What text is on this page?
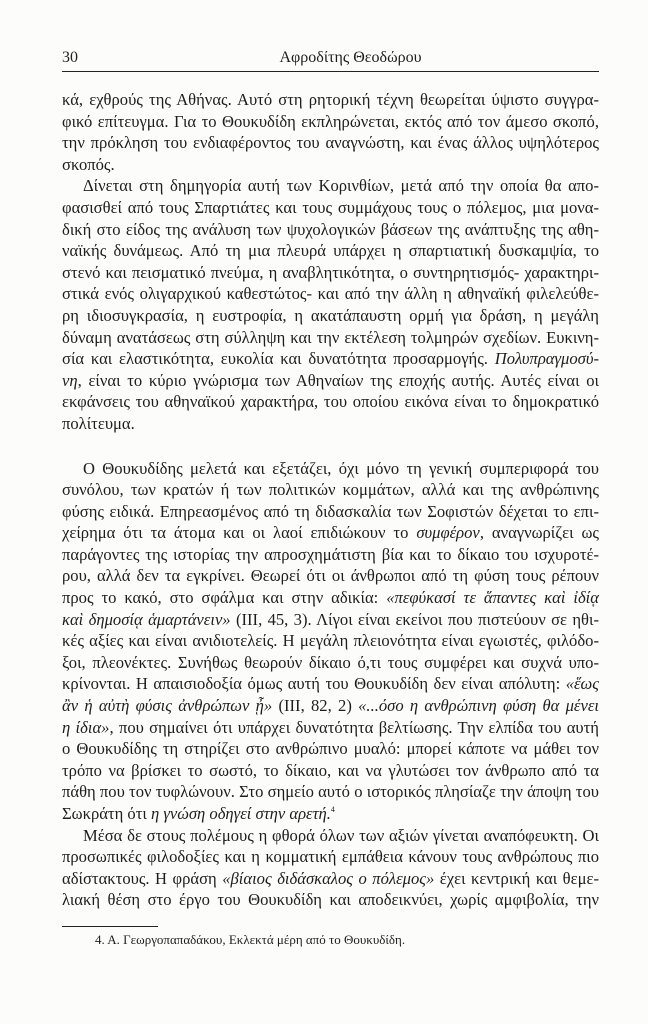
30	Αφροδίτης Θεοδώρου
κά, εχθρούς της Αθήνας. Αυτό στη ρητορική τέχνη θεωρείται ύψιστο συγγρα-
φικό επίτευγμα. Για το Θουκυδίδη εκπληρώνεται, εκτός από τον άμεσο σκοπό,
την πρόκληση του ενδιαφέροντος του αναγνώστη, και ένας άλλος υψηλότερος
σκοπός.
Δίνεται στη δημηγορία αυτή των Κορινθίων, μετά από την οποία θα απο-
φασισθεί από τους Σπαρτιάτες και τους συμμάχους τους ο πόλεμος, μια μονα-
δική στο είδος της ανάλυση των ψυχολογικών βάσεων της ανάπτυξης της αθη-
ναϊκής δυνάμεως. Από τη μια πλευρά υπάρχει η σπαρτιατική δυσκαμψία, το
στενό και πεισματικό πνεύμα, η αναβλητικότητα, ο συντηρητισμός- χαρακτηρι-
στικά ενός ολιγαρχικού καθεστώτος- και από την άλλη η αθηναϊκή φιλελεύθε-
ρη ιδιοσυγκρασία, η ευστροφία, η ακατάπαυστη ορμή για δράση, η μεγάλη
δύναμη ανατάσεως στη σύλληψη και την εκτέλεση τολμηρών σχεδίων. Ευκινη-
σία και ελαστικότητα, ευκολία και δυνατότητα προσαρμογής. Πολυπραγμοσύ-
νη, είναι το κύριο γνώρισμα των Αθηναίων της εποχής αυτής. Αυτές είναι οι
εκφάνσεις του αθηναϊκού χαρακτήρα, του οποίου εικόνα είναι το δημοκρατικό
πολίτευμα.
Ο Θουκυδίδης μελετά και εξετάζει, όχι μόνο τη γενική συμπεριφορά του
συνόλου, των κρατών ή των πολιτικών κομμάτων, αλλά και της ανθρώπινης
φύσης ειδικά. Επηρεασμένος από τη διδασκαλία των Σοφιστών δέχεται το επι-
χείρημα ότι τα άτομα και οι λαοί επιδιώκουν το συμφέρον, αναγνωρίζει ως
παράγοντες της ιστορίας την απροσχημάτιστη βία και το δίκαιο του ισχυροτέ-
ρου, αλλά δεν τα εγκρίνει. Θεωρεί ότι οι άνθρωποι από τη φύση τους ρέπουν
προς το κακό, στο σφάλμα και στην αδικία: «πεφύκασί τε ἅπαντες καὶ ἰδίᾳ
καὶ δημοσίᾳ ἁμαρτάνειν» (ΙΙΙ, 45, 3). Λίγοι είναι εκείνοι που πιστεύουν σε ηθι-
κές αξίες και είναι ανιδιοτελείς. Η μεγάλη πλειονότητα είναι εγωιστές, φιλόδο-
ξοι, πλεονέκτες. Συνήθως θεωρούν δίκαιο ό,τι τους συμφέρει και συχνά υπο-
κρίνονται. Η απαισιοδοξία όμως αυτή του Θουκυδίδη δεν είναι απόλυτη: «ἕως
ἂν ἡ αὐτὴ φύσις ἀνθρώπων ᾖ» (ΙΙΙ, 82, 2) «...όσο η ανθρώπινη φύση θα μένει
η ίδια», που σημαίνει ότι υπάρχει δυνατότητα βελτίωσης. Την ελπίδα του αυτή
ο Θουκυδίδης τη στηρίζει στο ανθρώπινο μυαλό: μπορεί κάποτε να μάθει τον
τρόπο να βρίσκει το σωστό, το δίκαιο, και να γλυτώσει τον άνθρωπο από τα
πάθη που τον τυφλώνουν. Στο σημείο αυτό ο ιστορικός πλησίαζε την άποψη του
Σωκράτη ότι η γνώση οδηγεί στην αρετή.$^4$
Μέσα δε στους πολέμους η φθορά όλων των αξιών γίνεται αναπόφευκτη. Οι
προσωπικές φιλοδοξίες και η κομματική εμπάθεια κάνουν τους ανθρώπους πιο
αδίστακτους. Η φράση «βίαιος διδάσκαλος ο πόλεμος» έχει κεντρική και θεμε-
λιακή θέση στο έργο του Θουκυδίδη και αποδεικνύει, χωρίς αμφιβολία, την
4. Α. Γεωργοπαπαδάκου, Εκλεκτά μέρη από το Θουκυδίδη.
